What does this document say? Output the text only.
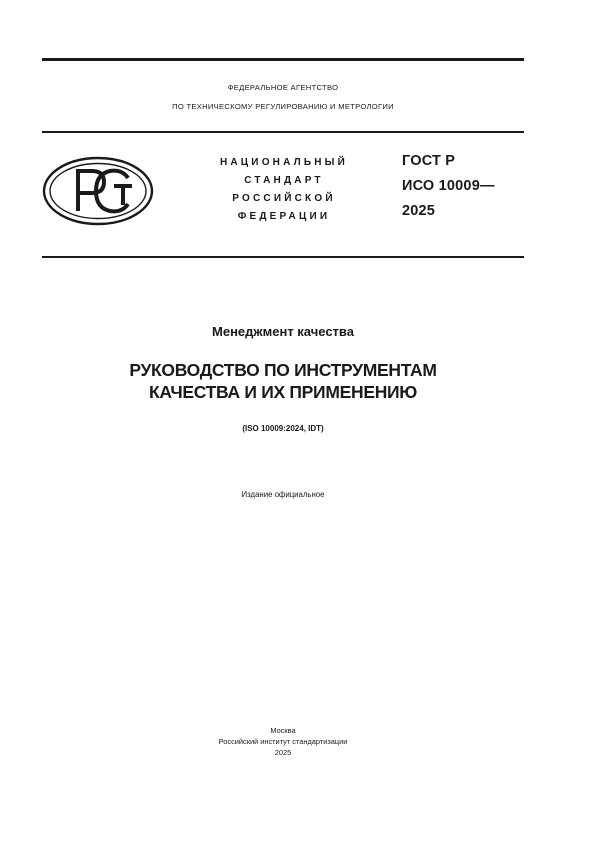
ФЕДЕРАЛЬНОЕ АГЕНТСТВО
ПО ТЕХНИЧЕСКОМУ РЕГУЛИРОВАНИЮ И МЕТРОЛОГИИ
НАЦИОНАЛЬНЫЙ
СТАНДАРТ
РОССИЙСКОЙ
ФЕДЕРАЦИИ
ГОСТ Р
ИСО 10009—
2025
Менеджмент качества
РУКОВОДСТВО ПО ИНСТРУМЕНТАМ
КАЧЕСТВА И ИХ ПРИМЕНЕНИЮ
(ISO 10009:2024, IDT)
Издание официальное
Москва
Российский институт стандартизации
2025
